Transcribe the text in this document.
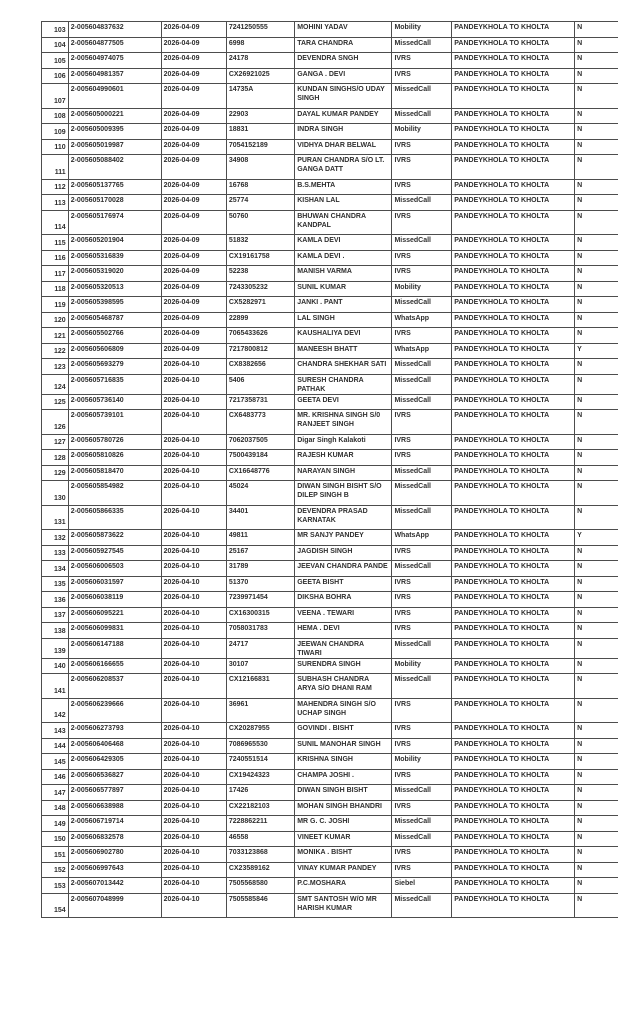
103	2-005604837632	2026-04-09	7241250555	MOHINI YADAV	Mobility	PANDEYKHOLA TO KHOLTA	N	
104	2-005604877505	2026-04-09	6998	TARA CHANDRA	MissedCall	PANDEYKHOLA TO KHOLTA	N	
105	2-005604974075	2026-04-09	24178	DEVENDRA SNGH	IVRS	PANDEYKHOLA TO KHOLTA	N	
106	2-005604981357	2026-04-09	CX26921025	GANGA . DEVI	IVRS	PANDEYKHOLA TO KHOLTA	N	
107	2-005604990601	2026-04-09	14735A	KUNDAN SINGHS/O UDAY SINGH	MissedCall	PANDEYKHOLA TO KHOLTA	N	
108	2-005605000221	2026-04-09	22903	DAYAL KUMAR PANDEY	MissedCall	PANDEYKHOLA TO KHOLTA	N	
109	2-005605009395	2026-04-09	18831	INDRA SINGH	Mobility	PANDEYKHOLA TO KHOLTA	N	
110	2-005605019987	2026-04-09	7054152189	VIDHYA DHAR BELWAL	IVRS	PANDEYKHOLA TO KHOLTA	N	
111	2-005605088402	2026-04-09	34908	PURAN CHANDRA S/O LT. GANGA DATT	IVRS	PANDEYKHOLA TO KHOLTA	N	
112	2-005605137765	2026-04-09	16768	B.S.MEHTA	IVRS	PANDEYKHOLA TO KHOLTA	N	
113	2-005605170028	2026-04-09	25774	KISHAN LAL	MissedCall	PANDEYKHOLA TO KHOLTA	N	
114	2-005605176974	2026-04-09	50760	BHUWAN CHANDRA KANDPAL	IVRS	PANDEYKHOLA TO KHOLTA	N	
115	2-005605201904	2026-04-09	51832	KAMLA DEVI	MissedCall	PANDEYKHOLA TO KHOLTA	N	
116	2-005605316839	2026-04-09	CX19161758	KAMLA DEVI .	IVRS	PANDEYKHOLA TO KHOLTA	N	
117	2-005605319020	2026-04-09	52238	MANISH VARMA	IVRS	PANDEYKHOLA TO KHOLTA	N	
118	2-005605320513	2026-04-09	7243305232	SUNIL KUMAR	Mobility	PANDEYKHOLA TO KHOLTA	N	
119	2-005605398595	2026-04-09	CX5282971	JANKI . PANT	MissedCall	PANDEYKHOLA TO KHOLTA	N	
120	2-005605468787	2026-04-09	22899	LAL SINGH	WhatsApp	PANDEYKHOLA TO KHOLTA	N	
121	2-005605502766	2026-04-09	7065433626	KAUSHALIYA DEVI	IVRS	PANDEYKHOLA TO KHOLTA	N	
122	2-005605606809	2026-04-09	7217800812	MANEESH BHATT	WhatsApp	PANDEYKHOLA TO KHOLTA	Y	
123	2-005605693279	2026-04-10	CX8382656	CHANDRA SHEKHAR SATI	MissedCall	PANDEYKHOLA TO KHOLTA	N	
124	2-005605716835	2026-04-10	5406	SURESH CHANDRA PATHAK	MissedCall	PANDEYKHOLA TO KHOLTA	N	
125	2-005605736140	2026-04-10	7217358731	GEETA DEVI	MissedCall	PANDEYKHOLA TO KHOLTA	N	
126	2-005605739101	2026-04-10	CX6483773	MR. KRISHNA SINGH S/0 RANJEET SINGH	IVRS	PANDEYKHOLA TO KHOLTA	N	
127	2-005605780726	2026-04-10	7062037505	Digar Singh Kalakoti	IVRS	PANDEYKHOLA TO KHOLTA	N	
128	2-005605810826	2026-04-10	7500439184	RAJESH KUMAR	IVRS	PANDEYKHOLA TO KHOLTA	N	
129	2-005605818470	2026-04-10	CX16648776	NARAYAN SINGH	MissedCall	PANDEYKHOLA TO KHOLTA	N	
130	2-005605854982	2026-04-10	45024	DIWAN SINGH BISHT S/O DILEP SINGH B	MissedCall	PANDEYKHOLA TO KHOLTA	N	
131	2-005605866335	2026-04-10	34401	DEVENDRA PRASAD KARNATAK	MissedCall	PANDEYKHOLA TO KHOLTA	N	
132	2-005605873622	2026-04-10	49811	MR SANJY PANDEY	WhatsApp	PANDEYKHOLA TO KHOLTA	Y	
133	2-005605927545	2026-04-10	25167	JAGDISH SINGH	IVRS	PANDEYKHOLA TO KHOLTA	N	
134	2-005606006503	2026-04-10	31789	JEEVAN CHANDRA PANDE	MissedCall	PANDEYKHOLA TO KHOLTA	N	
135	2-005606031597	2026-04-10	51370	GEETA BISHT	IVRS	PANDEYKHOLA TO KHOLTA	N	
136	2-005606038119	2026-04-10	7239971454	DIKSHA BOHRA	IVRS	PANDEYKHOLA TO KHOLTA	N	
137	2-005606095221	2026-04-10	CX16300315	VEENA . TEWARI	IVRS	PANDEYKHOLA TO KHOLTA	N	
138	2-005606099831	2026-04-10	7058031783	HEMA . DEVI	IVRS	PANDEYKHOLA TO KHOLTA	N	
139	2-005606147188	2026-04-10	24717	JEEWAN CHANDRA TIWARI	MissedCall	PANDEYKHOLA TO KHOLTA	N	
140	2-005606166655	2026-04-10	30107	SURENDRA SINGH	Mobility	PANDEYKHOLA TO KHOLTA	N	
141	2-005606208537	2026-04-10	CX12166831	SUBHASH CHANDRA ARYA S/O DHANI RAM	MissedCall	PANDEYKHOLA TO KHOLTA	N	
142	2-005606239666	2026-04-10	36961	MAHENDRA SINGH S/O UCHAP SINGH	IVRS	PANDEYKHOLA TO KHOLTA	N	
143	2-005606273793	2026-04-10	CX20287955	GOVINDI . BISHT	IVRS	PANDEYKHOLA TO KHOLTA	N	
144	2-005606406468	2026-04-10	7086965530	SUNIL MANOHAR SINGH	IVRS	PANDEYKHOLA TO KHOLTA	N	
145	2-005606429305	2026-04-10	7240551514	KRISHNA SINGH	Mobility	PANDEYKHOLA TO KHOLTA	N	
146	2-005606536827	2026-04-10	CX19424323	CHAMPA JOSHI .	IVRS	PANDEYKHOLA TO KHOLTA	N	
147	2-005606577897	2026-04-10	17426	DIWAN SINGH BISHT	MissedCall	PANDEYKHOLA TO KHOLTA	N	
148	2-005606638988	2026-04-10	CX22182103	MOHAN SINGH BHANDRI	IVRS	PANDEYKHOLA TO KHOLTA	N	
149	2-005606719714	2026-04-10	7228862211	MR G. C. JOSHI	MissedCall	PANDEYKHOLA TO KHOLTA	N	
150	2-005606832578	2026-04-10	46558	VINEET KUMAR	MissedCall	PANDEYKHOLA TO KHOLTA	N	
151	2-005606902780	2026-04-10	7033123868	MONIKA . BISHT	IVRS	PANDEYKHOLA TO KHOLTA	N	
152	2-005606997643	2026-04-10	CX23589162	VINAY KUMAR PANDEY	IVRS	PANDEYKHOLA TO KHOLTA	N	
153	2-005607013442	2026-04-10	7505568580	P.C.MOSHARA	Siebel	PANDEYKHOLA TO KHOLTA	N	
154	2-005607048999	2026-04-10	7505585846	SMT SANTOSH W/O MR HARISH KUMAR	MissedCall	PANDEYKHOLA TO KHOLTA	N	
